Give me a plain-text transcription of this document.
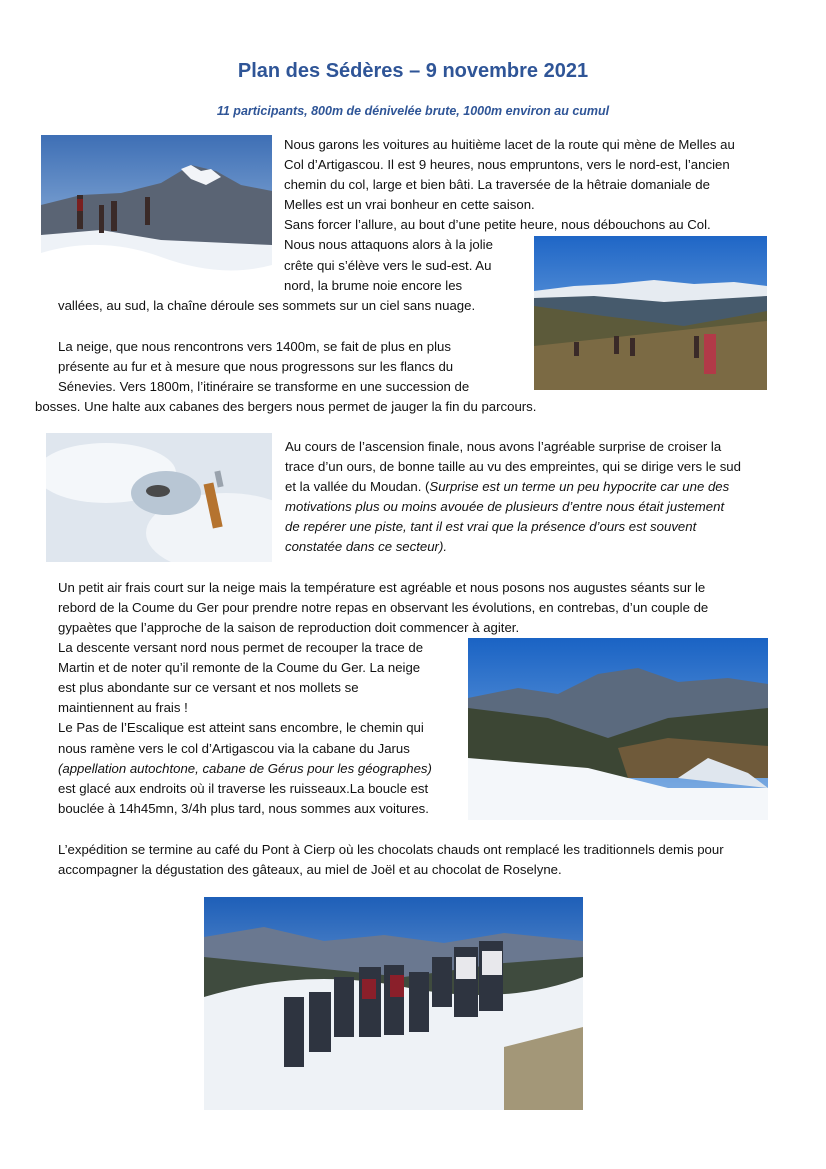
Plan des Sédères – 9 novembre 2021
11 participants, 800m de dénivelée brute, 1000m environ au cumul
Nous garons les voitures au huitième lacet de la route qui mène de Melles au
Col d’Artigascou. Il est 9 heures, nous empruntons, vers le nord-est, l’ancien
chemin du col, large et bien bâti. La traversée de la hêtraie domaniale de
Melles est un vrai bonheur en cette saison.
Sans forcer l’allure, au bout d’une petite heure, nous débouchons au Col.
Nous nous attaquons alors à la jolie
crête qui s’élève vers le sud-est. Au
nord, la brume noie encore les
vallées, au sud, la chaîne déroule ses sommets sur un ciel sans nuage.
La neige, que nous rencontrons vers 1400m, se fait de plus en plus
présente au fur et à mesure que nous progressons sur les flancs du
Sénevies. Vers 1800m, l’itinéraire se transforme en une succession de
bosses. Une halte aux cabanes des bergers nous permet de jauger la fin du parcours.
Au cours de l’ascension finale, nous avons l’agréable surprise de croiser la
trace d’un ours, de bonne taille au vu des empreintes, qui se dirige vers le sud
et la vallée du Moudan. (Surprise est un terme un peu hypocrite car une des
motivations plus ou moins avouée de plusieurs d’entre nous était justement
de repérer une piste, tant il est vrai que la présence d’ours est souvent
constatée dans ce secteur).
Un petit air frais court sur la neige mais la température est agréable et nous posons nos augustes séants sur le
rebord de la Coume du Ger pour prendre notre repas en observant les évolutions, en contrebas, d’un couple de
gypaètes que l’approche de la saison de reproduction doit commencer à agiter.
La descente versant nord nous permet de recouper la trace de
Martin et de noter qu’il remonte de la Coume du Ger. La neige
est plus abondante sur ce versant et nos mollets se
maintiennent au frais !
Le Pas de l’Escalique est atteint sans encombre, le chemin qui
nous ramène vers le col d’Artigascou via la cabane du Jarus
(appellation autochtone, cabane de Gérus pour les géographes)
est glacé aux endroits où il traverse les ruisseaux.La boucle est
bouclée à 14h45mn, 3/4h plus tard, nous sommes aux voitures.
L’expédition se termine au café du Pont à Cierp où les chocolats chauds ont remplacé les traditionnels demis pour
accompagner la dégustation des gâteaux, au miel de Joël et au chocolat de Roselyne.
